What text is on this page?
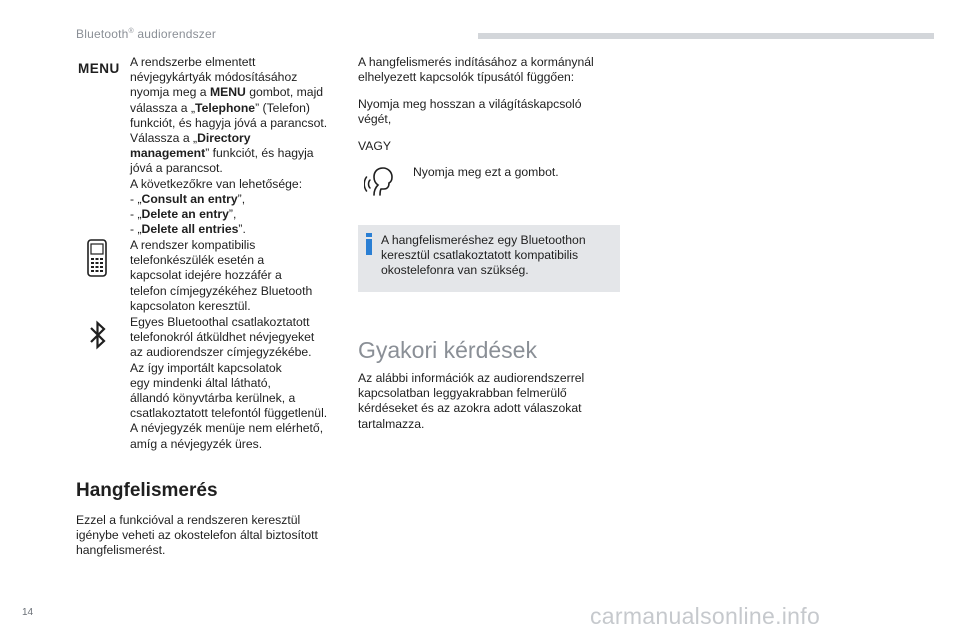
Bluetooth® audiorendszer
MENU A rendszerbe elmentett

névjegykártyák módosításához

nyomja meg a MENU gombot, majd

válassza a „Telephone” (Telefon)

funkciót, és hagyja jóvá a parancsot.

Válassza a „Directory

management” funkciót, és hagyja

jóvá a parancsot.

A következőkre van lehetősége:

- „Consult an entry”,

- „Delete an entry”,

- „Delete all entries”.

A rendszer kompatibilis

telefonkészülék esetén a

kapcsolat idejére hozzáfér a

telefon címjegyzékéhez Bluetooth

kapcsolaton keresztül.

Egyes Bluetoothal csatlakoztatott

telefonokról átküldhet névjegyeket

az audiorendszer címjegyzékébe.

Az így importált kapcsolatok

egy mindenki által látható,

állandó könyvtárba kerülnek, a

csatlakoztatott telefontól függetlenül.

A névjegyzék menüje nem elérhető,

amíg a névjegyzék üres.

Hangfelismerés

Ezzel a funkcióval a rendszeren keresztül

igénybe veheti az okostelefon által biztosított

hangfelismerést.

A hangfelismerés indításához a kormánynál

elhelyezett kapcsolók típusától függően:

Nyomja meg hosszan a világításkapcsoló

végét,

VAGY
Nyomja meg ezt a gombot.

A hangfelismeréshez egy Bluetoothon

keresztül csatlakoztatott kompatibilis

okostelefonra van szükség.

Gyakori kérdések

Az alábbi információk az audiorendszerrel

kapcsolatban leggyakrabban felmerülő

kérdéseket és az azokra adott válaszokat

tartalmazza.

14	carmanualsonline.info
